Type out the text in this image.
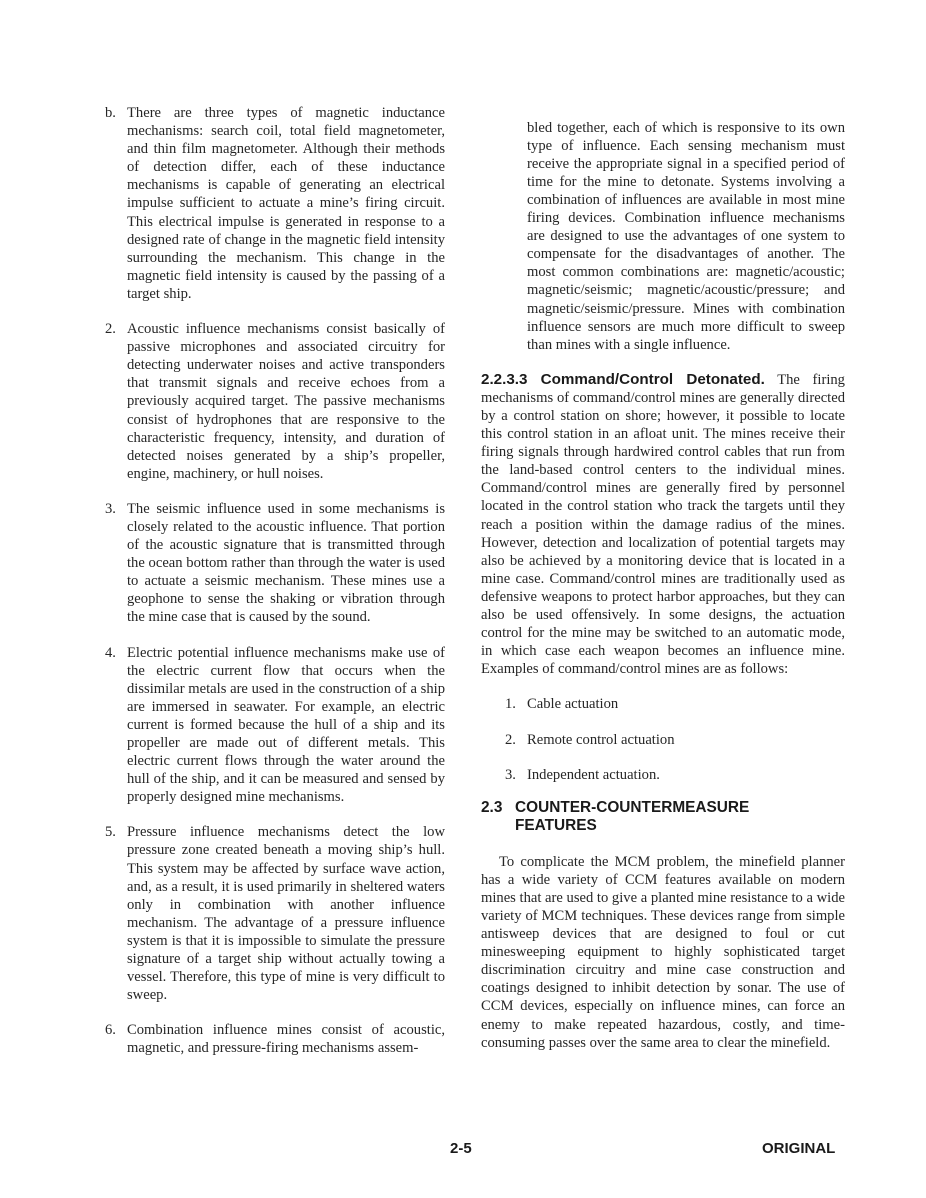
b. There are three types of magnetic inductance mechanisms: search coil, total field magnetometer, and thin film magnetometer. Although their methods of detection differ, each of these inductance mechanisms is capable of generating an electrical impulse sufficient to actuate a mine’s firing circuit. This electrical impulse is generated in response to a designed rate of change in the magnetic field intensity surrounding the mechanism. This change in the magnetic field intensity is caused by the passing of a target ship.
2. Acoustic influence mechanisms consist basically of passive microphones and associated circuitry for detecting underwater noises and active transponders that transmit signals and receive echoes from a previously acquired target. The passive mechanisms consist of hydrophones that are responsive to the characteristic frequency, intensity, and duration of detected noises generated by a ship’s propeller, engine, machinery, or hull noises.
3. The seismic influence used in some mechanisms is closely related to the acoustic influence. That portion of the acoustic signature that is transmitted through the ocean bottom rather than through the water is used to actuate a seismic mechanism. These mines use a geophone to sense the shaking or vibration through the mine case that is caused by the sound.
4. Electric potential influence mechanisms make use of the electric current flow that occurs when the dissimilar metals are used in the construction of a ship are immersed in seawater. For example, an electric current is formed because the hull of a ship and its propeller are made out of different metals. This electric current flows through the water around the hull of the ship, and it can be measured and sensed by properly designed mine mechanisms.
5. Pressure influence mechanisms detect the low pressure zone created beneath a moving ship’s hull. This system may be affected by surface wave action, and, as a result, it is used primarily in sheltered waters only in combination with another influence mechanism. The advantage of a pressure influence system is that it is impossible to simulate the pressure signature of a target ship without actually towing a vessel. Therefore, this type of mine is very difficult to sweep.
6. Combination influence mines consist of acoustic, magnetic, and pressure-firing mechanisms assem-

bled together, each of which is responsive to its own type of influence. Each sensing mechanism must receive the appropriate signal in a specified period of time for the mine to detonate. Systems involving a combination of influences are available in most mine firing devices. Combination influence mechanisms are designed to use the advantages of one system to compensate for the disadvantages of another. The most common combinations are: magnetic/acoustic; magnetic/seismic; magnetic/acoustic/pressure; and magnetic/seismic/pressure. Mines with combination influence sensors are much more difficult to sweep than mines with a single influence.

2.2.3.3 Command/Control Detonated. The firing mechanisms of command/control mines are generally directed by a control station on shore; however, it possible to locate this control station in an afloat unit. The mines receive their firing signals through hardwired control cables that run from the land-based control centers to the individual mines. Command/control mines are generally fired by personnel located in the control station who track the targets until they reach a position within the damage radius of the mines. However, detection and localization of potential targets may also be achieved by a monitoring device that is located in a mine case. Command/control mines are traditionally used as defensive weapons to protect harbor approaches, but they can also be used offensively. In some designs, the actuation control for the mine may be switched to an automatic mode, in which case each weapon becomes an influence mine. Examples of command/control mines are as follows:

1. Cable actuation
2. Remote control actuation
3. Independent actuation.
2.3 COUNTER-COUNTERMEASURE
FEATURES

To complicate the MCM problem, the minefield planner has a wide variety of CCM features available on modern mines that are used to give a planted mine resistance to a wide variety of MCM techniques. These devices range from simple antisweep devices that are designed to foul or cut minesweeping equipment to highly sophisticated target discrimination circuitry and mine case construction and coatings designed to inhibit detection by sonar. The use of CCM devices, especially on influence mines, can force an enemy to make repeated hazardous, costly, and time-consuming passes over the same area to clear the minefield.

2-5	ORIGINAL
